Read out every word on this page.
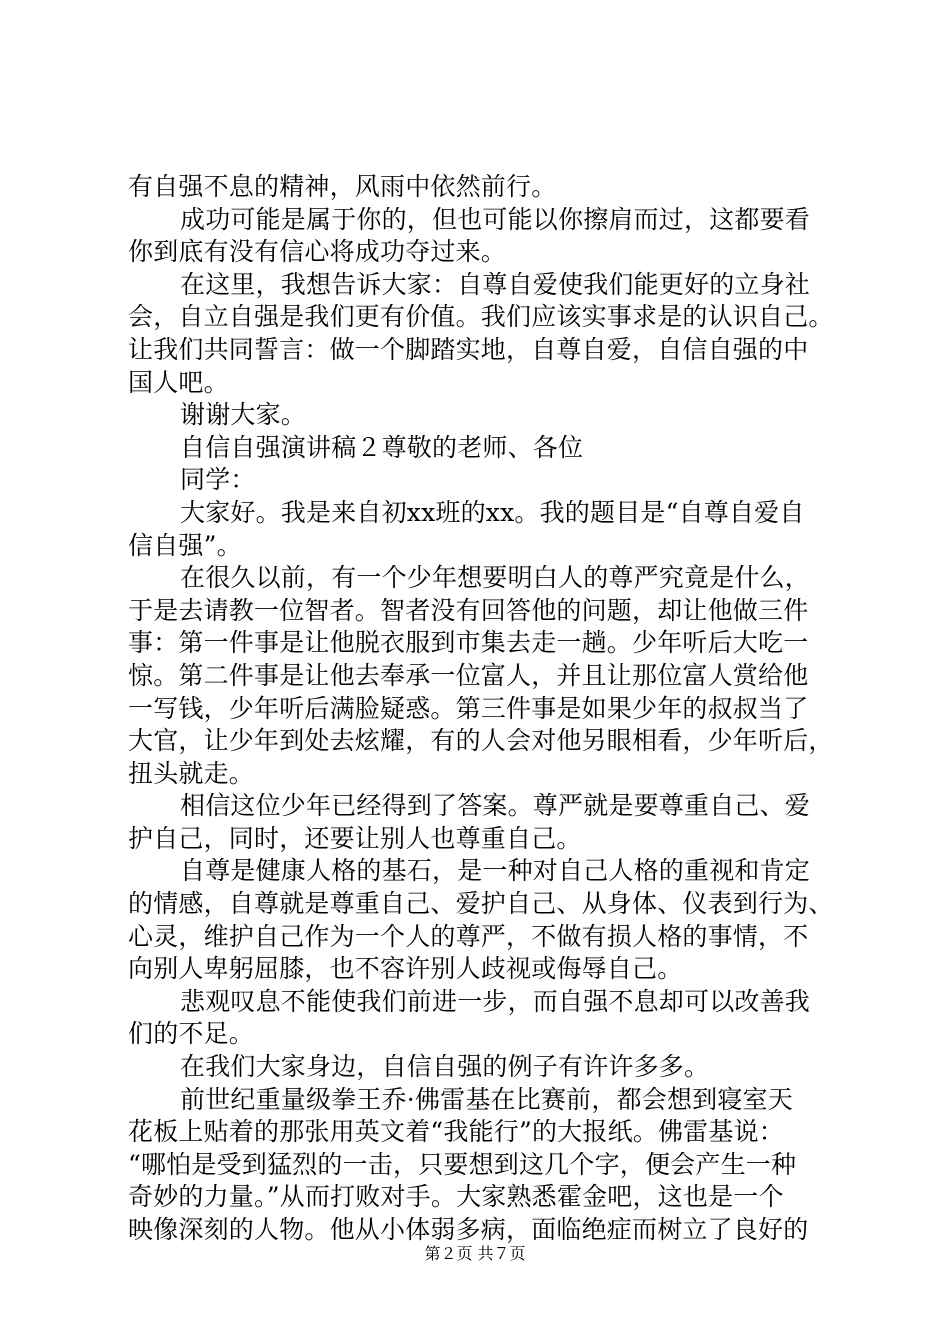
有自强不息的精神，风雨中依然前行。
成功可能是属于你的，但也可能以你擦肩而过，这都要看
你到底有没有信心将成功夺过来。
在这里，我想告诉大家：自尊自爱使我们能更好的立身社
会，自立自强是我们更有价值。我们应该实事求是的认识自己。
让我们共同誓言：做一个脚踏实地，自尊自爱，自信自强的中
国人吧。
谢谢大家。
自信自强演讲稿２尊敬的老师、各位
同学：
大家好。我是来自初xx班的xx。我的题目是“自尊自爱自
信自强”。
在很久以前，有一个少年想要明白人的尊严究竟是什么，
于是去请教一位智者。智者没有回答他的问题，却让他做三件
事：第一件事是让他脱衣服到市集去走一趟。少年听后大吃一
惊。第二件事是让他去奉承一位富人，并且让那位富人赏给他
一写钱，少年听后满脸疑惑。第三件事是如果少年的叔叔当了
大官，让少年到处去炫耀，有的人会对他另眼相看，少年听后，
扭头就走。
相信这位少年已经得到了答案。尊严就是要尊重自己、爱
护自己，同时，还要让别人也尊重自己。
自尊是健康人格的基石，是一种对自己人格的重视和肯定
的情感，自尊就是尊重自己、爱护自己、从身体、仪表到行为、
心灵，维护自己作为一个人的尊严，不做有损人格的事情，不
向别人卑躬屈膝，也不容许别人歧视或侮辱自己。
悲观叹息不能使我们前进一步，而自强不息却可以改善我
们的不足。
在我们大家身边，自信自强的例子有许许多多。
前世纪重量级拳王乔·佛雷基在比赛前，都会想到寝室天
花板上贴着的那张用英文着“我能行”的大报纸。佛雷基说：
“哪怕是受到猛烈的一击，只要想到这几个字，便会产生一种
奇妙的力量。”从而打败对手。大家熟悉霍金吧，这也是一个
映像深刻的人物。他从小体弱多病，面临绝症而树立了良好的
第２页 共７页
